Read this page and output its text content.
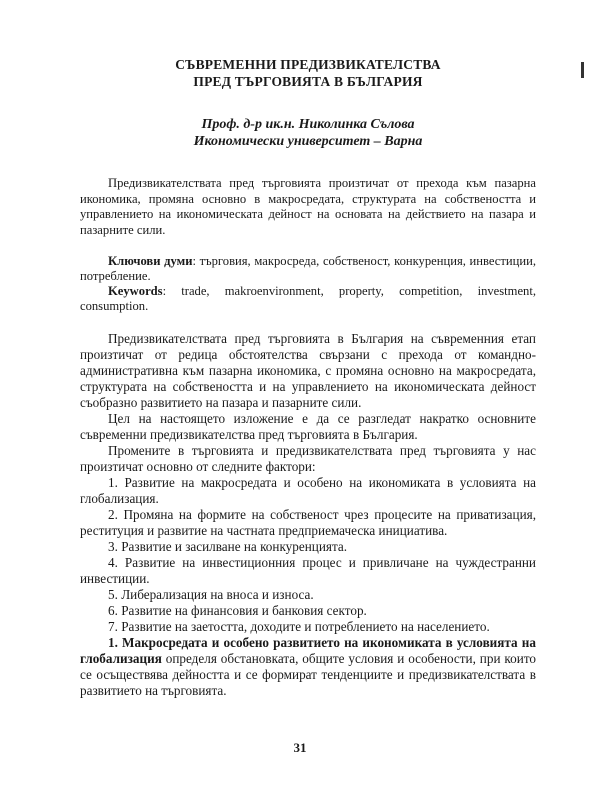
СЪВРЕМЕННИ ПРЕДИЗВИКАТЕЛСТВА
ПРЕД ТЪРГОВИЯТА В БЪЛГАРИЯ
Проф. д-р ик.н. Николинка Сълова
Икономически университет – Варна

Предизвикателствата пред търговията произтичат от прехода към пазарна икономика, промяна основно в макросредата, структурата на собствеността и управлението на икономическата дейност на основата на действието на пазара и пазарните сили.

Ключови думи: търговия, макросреда, собственост, конкуренция, инвестиции, потребление.

Keywords: trade, makroenvironment, property, competition, investment, consumption.

Предизвикателствата пред търговията в България на съвременния етап произтичат от редица обстоятелства свързани с прехода от командно-административна към пазарна икономика, с промяна основно на макросредата, структурата на собствеността и на управлението на икономическата дейност съобразно развитието на пазара и пазарните сили.

Цел на настоящето изложение е да се разгледат накратко основните съвременни предизвикателства пред търговията в България.

Промените в търговията и предизвикателствата пред търговията у нас произтичат основно от следните фактори:

1. Развитие на макросредата и особено на икономиката в условията на глобализация.

2. Промяна на формите на собственост чрез процесите на приватизация, реституция и развитие на частната предприемаческа инициатива.

3. Развитие и засилване на конкуренцията.

4. Развитие на инвестиционния процес и привличане на чуждестранни инвестиции.

5. Либерализация на вноса и износа.

6. Развитие на финансовия и банковия сектор.

7. Развитие на заетостта, доходите и потреблението на населението.

1. Макросредата и особено развитието на икономиката в условията на глобализация определя обстановката, общите условия и особености, при които се осъществява дейността и се формират тенденциите и предизвикателствата в развитието на търговията.

31
